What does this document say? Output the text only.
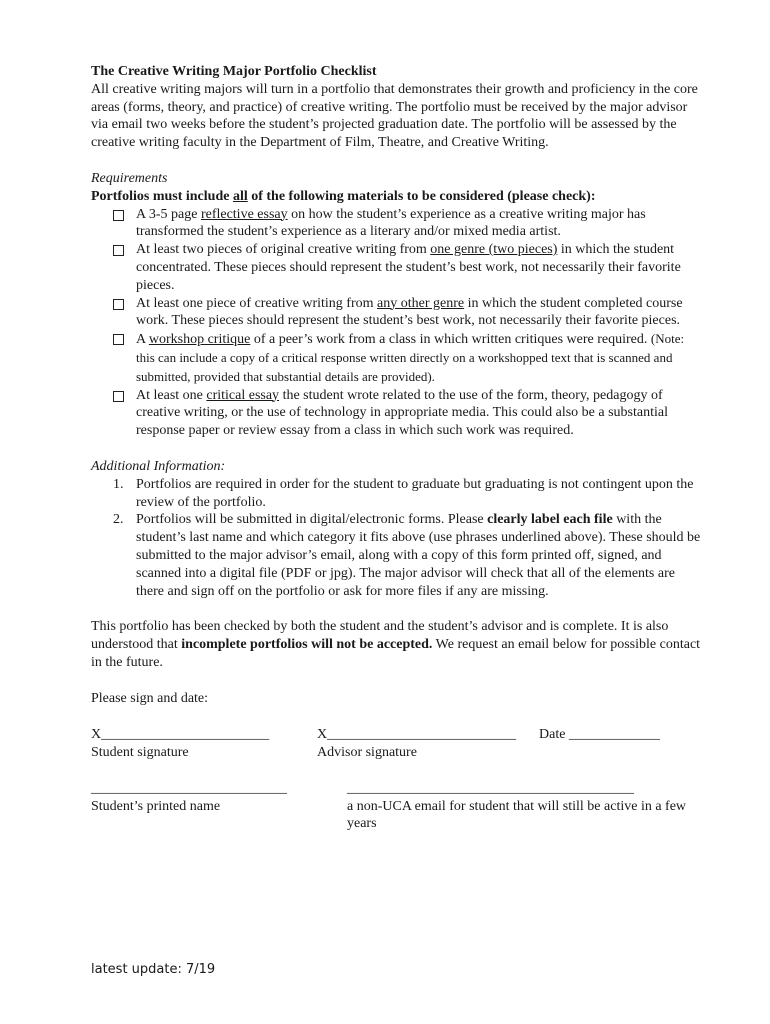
The Creative Writing Major Portfolio Checklist

All creative writing majors will turn in a portfolio that demonstrates their growth and proficiency in the core areas (forms, theory, and practice) of creative writing. The portfolio must be received by the major advisor via email two weeks before the student’s projected graduation date. The portfolio will be assessed by the creative writing faculty in the Department of Film, Theatre, and Creative Writing.

Requirements

Portfolios must include all of the following materials to be considered (please check):

A 3-5 page reflective essay on how the student’s experience as a creative writing major has transformed the student’s experience as a literary and/or mixed media artist.
At least two pieces of original creative writing from one genre (two pieces) in which the student concentrated. These pieces should represent the student’s best work, not necessarily their favorite pieces.
At least one piece of creative writing from any other genre in which the student completed course work. These pieces should represent the student’s best work, not necessarily their favorite pieces.
A workshop critique of a peer’s work from a class in which written critiques were required. (Note: this can include a copy of a critical response written directly on a workshopped text that is scanned and submitted, provided that substantial details are provided).
At least one critical essay the student wrote related to the use of the form, theory, pedagogy of creative writing, or the use of technology in appropriate media. This could also be a substantial response paper or review essay from a class in which such work was required.

Additional Information:

1. Portfolios are required in order for the student to graduate but graduating is not contingent upon the review of the portfolio.
2. Portfolios will be submitted in digital/electronic forms. Please clearly label each file with the student’s last name and which category it fits above (use phrases underlined above). These should be submitted to the major advisor’s email, along with a copy of this form printed off, signed, and scanned into a digital file (PDF or jpg). The major advisor will check that all of the elements are there and sign off on the portfolio or ask for more files if any are missing.

This portfolio has been checked by both the student and the student’s advisor and is complete. It is also understood that incomplete portfolios will not be accepted. We request an email below for possible contact in the future.

Please sign and date:

X________________________	X___________________________ Date _____________
Student signature	Advisor signature
____________________________	_________________________________________
Student’s printed name	a non-UCA email for student that will still be active in a few years
latest update: 7/19
